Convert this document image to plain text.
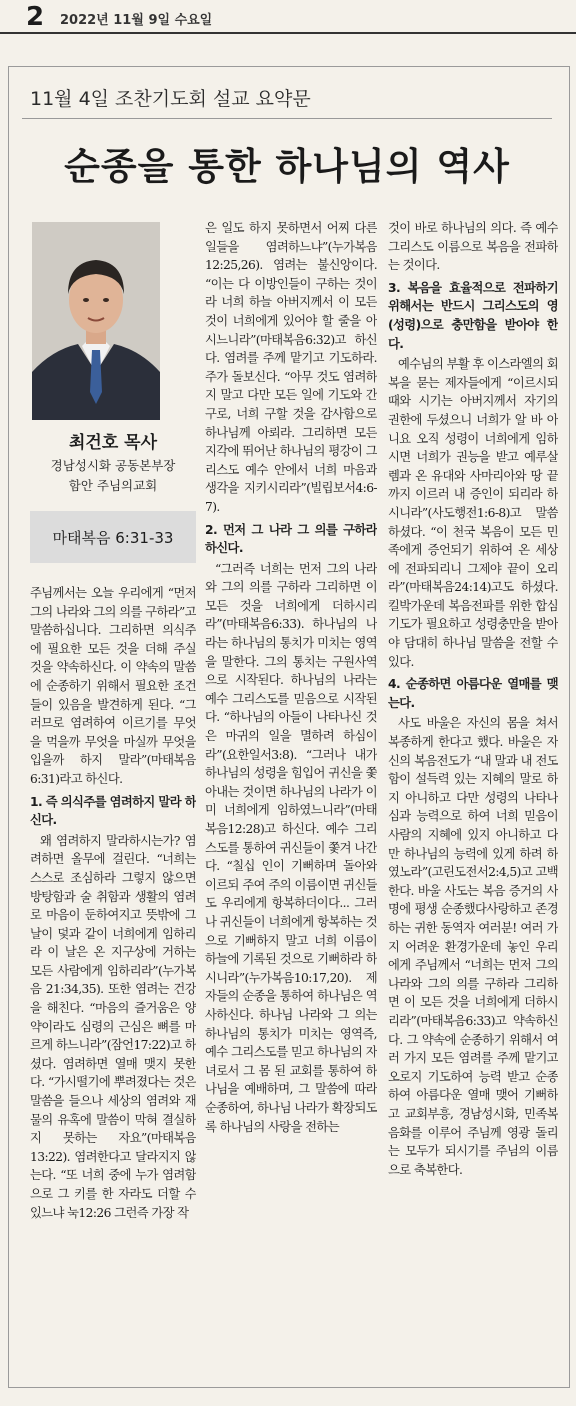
2 2022년 11월 9일 수요일
11월 4일 조찬기도회 설교 요약문
순종을 통한 하나님의 역사
최건호 목사
경남성시화 공동본부장
함안 주님의교회
마태복음 6:31-33

주님께서는 오늘 우리에게 “먼저 그의 나라와 그의 의를 구하라”고 말씀하십니다. 그리하면 의식주에 필요한 모든 것을 더해 주실 것을 약속하신다. 이 약속의 말씀에 순종하기 위해서 필요한 조건들이 있음을 발견하게 된다. “그러므로 염려하여 이르기를 무엇을 먹을까 무엇을 마실까 무엇을 입을까 하지 말라”(마태복음6:31)라고 하신다.

1. 즉 의식주를 염려하지 말라 하신다.

왜 염려하지 말라하시는가? 염려하면 올무에 걸린다. “너희는 스스로 조심하라 그렇지 않으면 방탕함과 술 취함과 생활의 염려로 마음이 둔하여지고 뜻밖에 그 날이 덫과 같이 너희에게 임하리라 이 날은 온 지구상에 거하는 모든 사람에게 임하리라”(누가복음 21:34,35). 또한 염려는 건강을 해친다. “마음의 즐거움은 양약이라도 심령의 근심은 뼈를 마르게 하느니라”(잠언17:22)고 하셨다. 염려하면 열매 맺지 못한다. “가시떨기에 뿌려졌다는 것은 말씀을 들으나 세상의 염려와 재물의 유혹에 말씀이 막혀 결실하지 못하는 자요”(마태복음13:22). 염려한다고 달라지지 않는다. “또 너희 중에 누가 염려함으로 그 키를 한 자라도 더할 수 있느냐 눅12:26 그런즉 가장 작

은 일도 하지 못하면서 어찌 다른 일들을 염려하느냐”(누가복음 12:25,26). 염려는 불신앙이다. “이는 다 이방인들이 구하는 것이라 너희 하늘 아버지께서 이 모든 것이 너희에게 있어야 할 줄을 아시느니라”(마태복음6:32)고 하신다. 염려를 주께 맡기고 기도하라. 주가 돌보신다. “아무 것도 염려하지 말고 다만 모든 일에 기도와 간구로, 너희 구할 것을 감사함으로 하나님께 아뢰라. 그리하면 모든 지각에 뛰어난 하나님의 평강이 그리스도 예수 안에서 너희 마음과 생각을 지키시리라”(빌립보서4:6-7).

2. 먼저 그 나라 그 의를 구하라 하신다.

“그러즉 너희는 먼저 그의 나라와 그의 의를 구하라 그리하면 이 모든 것을 너희에게 더하시리라”(마태복음6:33). 하나님의 나라는 하나님의 통치가 미치는 영역을 말한다. 그의 통치는 구원사역으로 시작된다. 하나님의 나라는 예수 그리스도를 믿음으로 시작된다. “하나님의 아들이 나타나신 것은 마귀의 일을 멸하려 하심이라”(요한일서3:8). “그러나 내가 하나님의 성령을 힘입어 귀신을 쫓아내는 것이면 하나님의 나라가 이미 너희에게 임하였느니라”(마태복음12:28)고 하신다. 예수 그리스도를 통하여 귀신들이 쫓겨 나간다. “칠십 인이 기뻐하며 돌아와 이르되 주여 주의 이름이면 귀신들도 우리에게 항복하더이다... 그러나 귀신들이 너희에게 항복하는 것으로 기뻐하지 말고 너희 이름이 하늘에 기록된 것으로 기뻐하라 하시니라”(누가복음10:17,20). 제자들의 순종을 통하여 하나님은 역사하신다. 하나님 나라와 그 의는 하나님의 통치가 미치는 영역즉, 예수 그리스도를 믿고 하나님의 자녀로서 그 몸 된 교회를 통하여 하나님을 예배하며, 그 말씀에 따라 순종하여, 하나님 나라가 확장되도록 하나님의 사랑을 전하는

것이 바로 하나님의 의다. 즉 예수 그리스도 이름으로 복음을 전파하는 것이다.

3. 복음을 효율적으로 전파하기 위해서는 반드시 그리스도의 영(성령)으로 충만함을 받아야 한다.

예수님의 부활 후 이스라엘의 회복을 묻는 제자들에게 “이르시되 때와 시기는 아버지께서 자기의 권한에 두셨으니 너희가 알 바 아니요 오직 성령이 너희에게 임하시면 너희가 권능을 받고 예루살렘과 온 유대와 사마리아와 땅 끝까지 이르러 내 증인이 되리라 하시니라”(사도행전1:6-8)고 말씀하셨다. “이 천국 복음이 모든 민족에게 증언되기 위하여 온 세상에 전파되리니 그제야 끝이 오리라”(마태복음24:14)고도 하셨다. 킬박가운데 복음전파를 위한 합심기도가 필요하고 성령충만을 받아야 담대히 하나님 말씀을 전할 수 있다.

4. 순종하면 아름다운 열매를 맺는다.

사도 바울은 자신의 몸을 쳐서 복종하게 한다고 했다. 바울은 자신의 복음전도가 “내 말과 내 전도함이 설득력 있는 지혜의 말로 하지 아니하고 다만 성령의 나타나심과 능력으로 하여 너희 믿음이 사람의 지혜에 있지 아니하고 다만 하나님의 능력에 있게 하려 하였노라”(고린도전서2:4,5)고 고백한다. 바울 사도는 복음 증거의 사명에 평생 순종했다사랑하고 존경하는 귀한 동역자 여러분! 여러 가지 어려운 환경가운데 놓인 우리에게 주님께서 “너희는 먼저 그의 나라와 그의 의를 구하라 그리하면 이 모든 것을 너희에게 더하시리라”(마태복음6:33)고 약속하신다. 그 약속에 순종하기 위해서 여러 가지 모든 염려를 주께 맡기고 오로지 기도하여 능력 받고 순종하여 아름다운 열매 맺어 기뻐하고 교회부흥, 경남성시화, 민족복음화를 이루어 주님께 영광 돌리는 모두가 되시기를 주님의 이름으로 축복한다.
